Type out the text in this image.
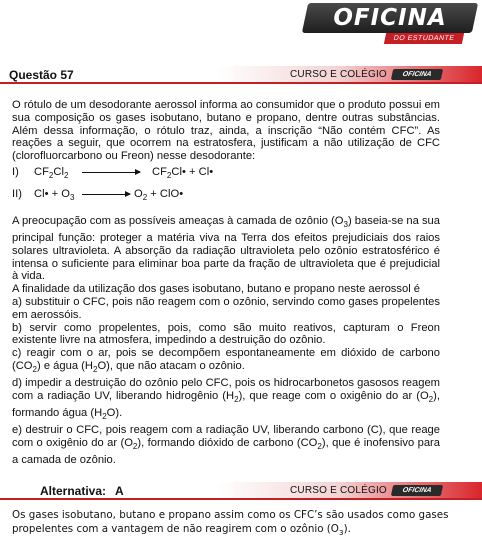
OFICINA
DO ESTUDANTE
Questão 57	CURSO E COLÉGIO	OFICINA

O rótulo de um desodorante aerossol informa ao consumidor que o produto possui em sua composição os gases isobutano, butano e propano, dentre outras substâncias. Além dessa informação, o rótulo traz, ainda, a inscrição “Não contém CFC”. As reações a seguir, que ocorrem na estratosfera, justificam a não utilização de CFC (clorofluorcarbono ou Freon) nesse desodorante:

I) $CF_2Cl_2$	$CF_2Cl•$ + Cl•
II) Cl• + $O_3$	$O_2$ + ClO•

A preocupação com as possíveis ameaças à camada de ozônio $(O_3)$ baseia-se na sua principal função: proteger a matéria viva na Terra dos efeitos prejudiciais dos raios solares ultravioleta. A absorção da radiação ultravioleta pelo ozônio estratosférico é intensa o suficiente para eliminar boa parte da fração de ultravioleta que é prejudicial à vida.

A finalidade da utilização dos gases isobutano, butano e propano neste aerossol é

a) substituir o CFC, pois não reagem com o ozônio, servindo como gases propelentes em aerossóis.

b) servir como propelentes, pois, como são muito reativos, capturam o Freon existente livre na atmosfera, impedindo a destruição do ozônio.

c) reagir com o ar, pois se decompõem espontaneamente em dióxido de carbono $(CO_2)$ e água $(H_2O)$, que não atacam o ozônio.

d) impedir a destruição do ozônio pelo CFC, pois os hidrocarbonetos gasosos reagem com a radiação UV, liberando hidrogênio $(H_2)$, que reage com o oxigênio do ar $(O_2)$, formando água $(H_2O)$.

e) destruir o CFC, pois reagem com a radiação UV, liberando carbono (C), que reage com o oxigênio do ar $(O_2)$, formando dióxido de carbono $(CO_2)$, que é inofensivo para a camada de ozônio.

Alternativa: A	CURSO E COLÉGIO	OFICINA
Os gases isobutano, butano e propano assim como os CFC’s são usados como gases propelentes com a vantagem de não reagirem com o ozônio $(O_3)$.
